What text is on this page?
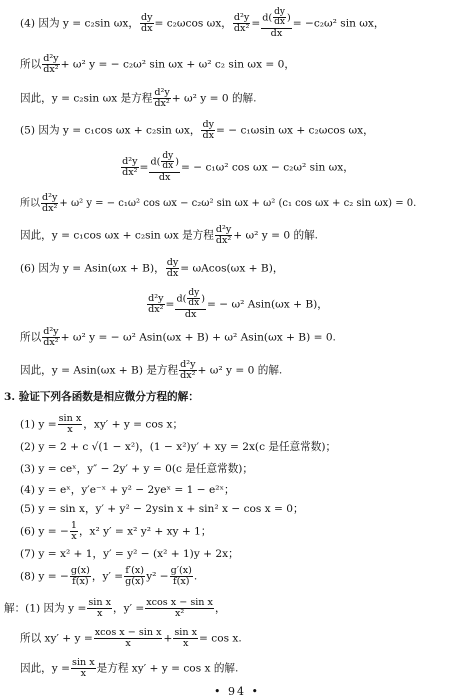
(4) 因为 y = c₂sin ωx， $\frac{dy}{dx} = c_2\omega\cos$ ωx， $\frac{\text{d²y}}{\text{dx²}} = \frac{d( \frac{dy}{dx} )}{dx} = -c_2\omega^2$ sin ωx，
所以 $\frac{\text{d²y}}{\text{dx²}} + \omega^2$ y = − c₂ω² sin ωx + ω² c₂ sin ωx = 0，
因此，y = c₂sin ωx 是方程 $\frac{\text{d²y}}{\text{dx²}} + \omega^2$ y = 0 的解.
(5) 因为 y = c₁cos ωx + c₂sin ωx， $\frac{dy}{dx}$ = − c₁ωsin ωx + c₂ωcos ωx，
$\frac{\text{d²y}}{\text{dx²}} = \frac{d( \frac{dy}{dx} )}{dx}$ = − c₁ω² cos ωx − c₂ω² sin ωx，
所以 $\frac{\text{d²y}}{\text{dx²}} + \omega^2$ y = − c₁ω² cos ωx − c₂ω² sin ωx + ω² (c₁ cos ωx + c₂ sin ωx) = 0.
因此，y = c₁cos ωx + c₂sin ωx 是方程 $\frac{\text{d²y}}{\text{dx²}} + \omega^2$ y = 0 的解.
(6) 因为 y = Asin(ωx + B)， $\frac{dy}{dx} = \omega Acos(\omega x + B)$，
$\frac{\text{d²y}}{\text{dx²}} = \frac{d( \frac{dy}{dx} )}{dx}$ = − ω² Asin(ωx + B)，
所以 $\frac{\text{d²y}}{\text{dx²}} + \omega^2$ y = − ω² Asin(ωx + B) + ω² Asin(ωx + B) = 0.
因此，y = Asin(ωx + B) 是方程 $\frac{\text{d²y}}{\text{dx²}} + \omega^2$ y = 0 的解.
3. 验证下列各函数是相应微分方程的解：
(1) $y = \frac{\text{sin x}}{x}$ ，xy′ + y = cos x；
(2) y = 2 + c √(1 − x²)，(1 − x²)y′ + xy = 2x(c 是任意常数)；
(3) y = ceˣ，y″ − 2y′ + y = 0(c 是任意常数)；
(4) y = eˣ，y′e⁻ˣ + y² − 2yeˣ = 1 − e²ˣ；
(5) y = sin x，y′ + y² − 2ysin x + sin² x − cos x = 0；
(6) y = − $\frac{1}{x}$ ，x² y′ = x² y² + xy + 1；
(7) y = x² + 1，y′ = y² − (x² + 1)y + 2x；
(8) y = − $\frac{g(x)}{f(x)}$ ，$y' = \frac{f'(x)}{g(x)} y^2 - \frac{g'(x)}{f(x)}$ .
解：(1) 因为 $y = \frac{\text{sin x}}{x}$ ，$y' = \frac{\text{xcos x − sin x}}{\text{x²}}$ ，
所以 $xy' + y = \frac{\text{xcos x − sin x}}{x} + \frac{\text{sin x}}{x} = \cos x$.
因此，$y = \frac{\text{sin x}}{x}$ 是方程 xy′ + y = cos x 的解.
• 94 •
